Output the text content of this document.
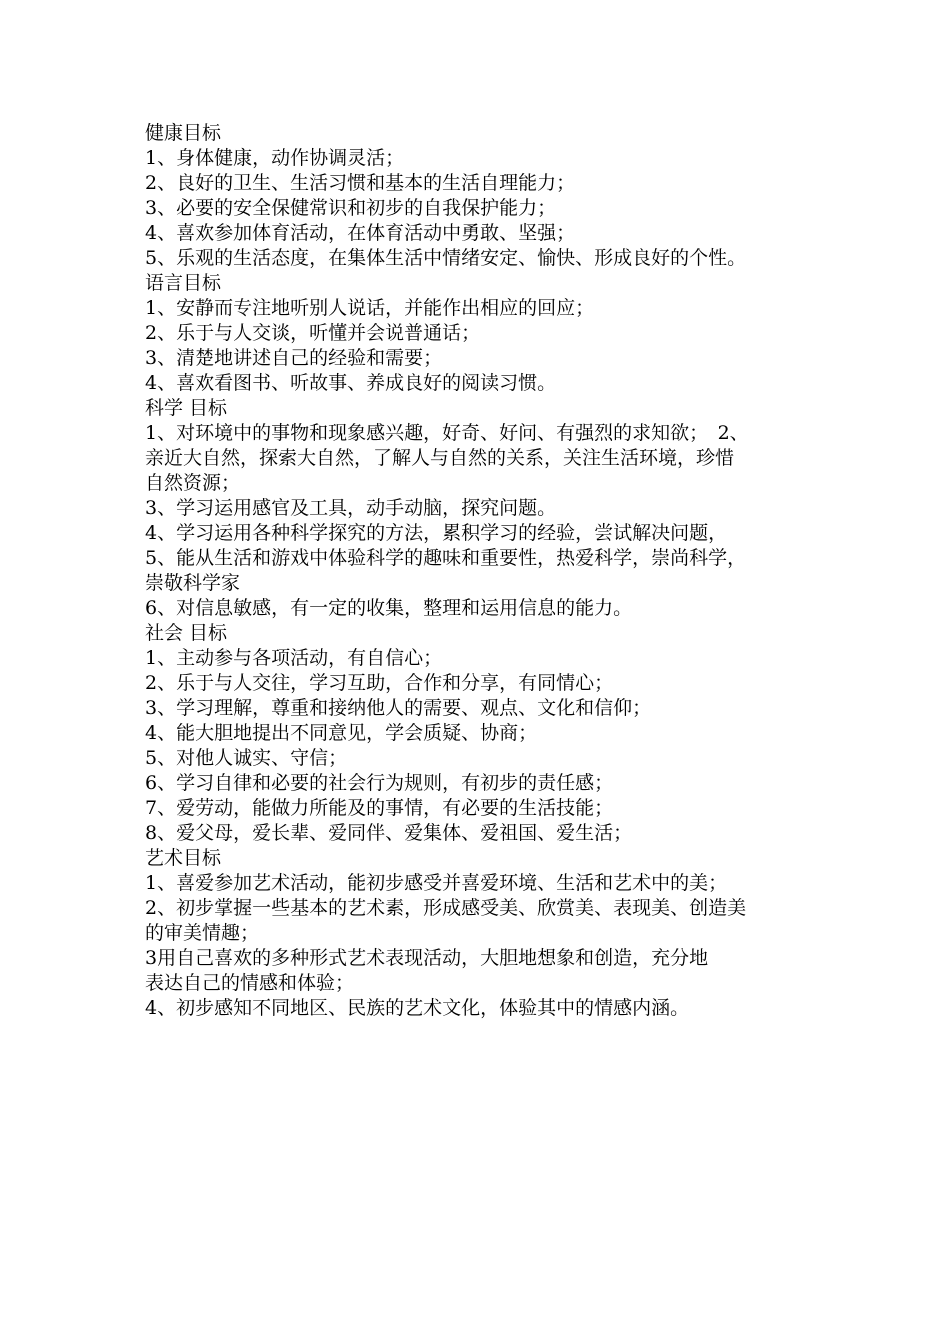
健康目标
1、身体健康，动作协调灵活；
2、良好的卫生、生活习惯和基本的生活自理能力；
3、必要的安全保健常识和初步的自我保护能力；
4、喜欢参加体育活动，在体育活动中勇敢、坚强；
5、乐观的生活态度，在集体生活中情绪安定、愉快、形成良好的个性。
语言目标
1、安静而专注地听别人说话，并能作出相应的回应；
2、乐于与人交谈，听懂并会说普通话；
3、清楚地讲述自己的经验和需要；
4、喜欢看图书、听故事、养成良好的阅读习惯。
科学 目标
1、对环境中的事物和现象感兴趣，好奇、好问、有强烈的求知欲；　2、
亲近大自然，探索大自然，了解人与自然的关系，关注生活环境，珍惜
自然资源；
3、学习运用感官及工具，动手动脑，探究问题。
4、学习运用各种科学探究的方法，累积学习的经验，尝试解决问题，
5、能从生活和游戏中体验科学的趣味和重要性，热爱科学，崇尚科学，
崇敬科学家
6、对信息敏感，有一定的收集，整理和运用信息的能力。
社会 目标
1、主动参与各项活动，有自信心；
2、乐于与人交往，学习互助，合作和分享，有同情心；
3、学习理解，尊重和接纳他人的需要、观点、文化和信仰；
4、能大胆地提出不同意见，学会质疑、协商；
5、对他人诚实、守信；
6、学习自律和必要的社会行为规则，有初步的责任感；
7、爱劳动，能做力所能及的事情，有必要的生活技能；
8、爱父母，爱长辈、爱同伴、爱集体、爱祖国、爱生活；
艺术目标
1、喜爱参加艺术活动，能初步感受并喜爱环境、生活和艺术中的美；
2、初步掌握一些基本的艺术素，形成感受美、欣赏美、表现美、创造美
的审美情趣；
3用自己喜欢的多种形式艺术表现活动，大胆地想象和创造，充分地
表达自己的情感和体验；
4、初步感知不同地区、民族的艺术文化，体验其中的情感内涵。
